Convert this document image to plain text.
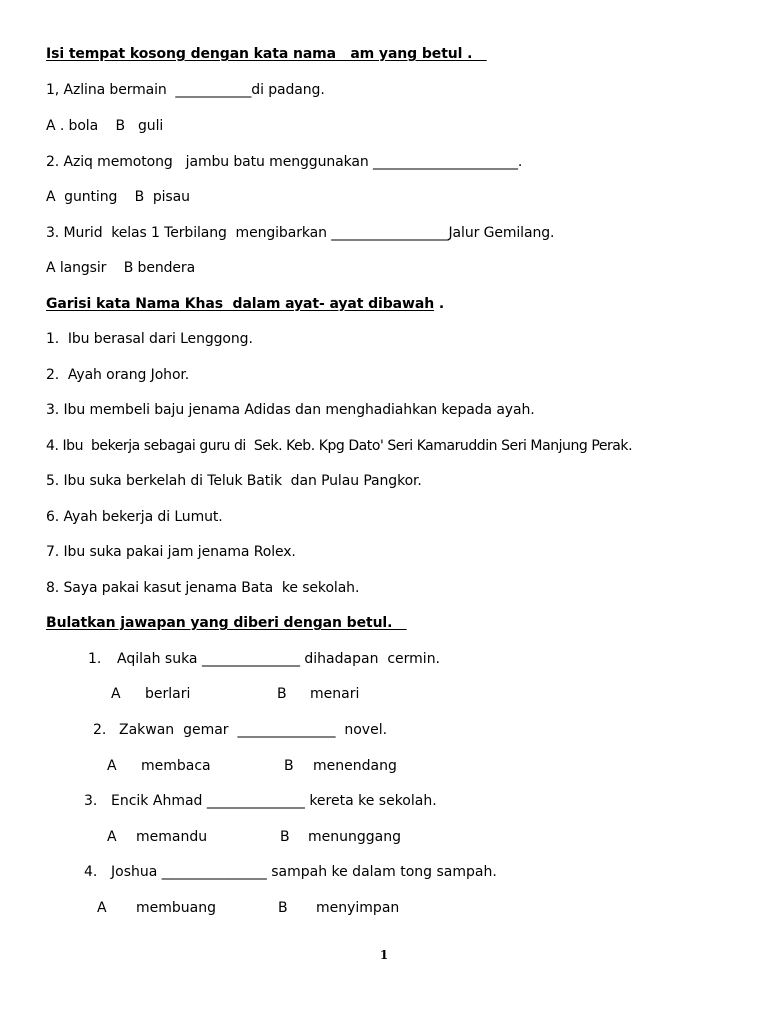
Isi tempat kosong dengan kata nama   am yang betul .
1, Azlina bermain  ___________di padang.
A . bola    B   guli
2. Aziq memotong   jambu batu menggunakan _____________________.
A  gunting    B  pisau
3. Murid  kelas 1 Terbilang  mengibarkan _________________Jalur Gemilang.
A langsir    B bendera
Garisi kata Nama Khas  dalam ayat- ayat dibawah .
1.  Ibu berasal dari Lenggong.
2.  Ayah orang Johor.
3. Ibu membeli baju jenama Adidas dan menghadiahkan kepada ayah.
4. Ibu  bekerja sebagai guru di  Sek. Keb. Kpg Dato' Seri Kamaruddin Seri Manjung Perak.
5. Ibu suka berkelah di Teluk Batik  dan Pulau Pangkor.
6. Ayah bekerja di Lumut.
7. Ibu suka pakai jam jenama Rolex.
8. Saya pakai kasut jenama Bata  ke sekolah.
Bulatkan jawapan yang diberi dengan betul.
1. Aqilah suka ______________ dihadapan  cermin.
A berlari	B menari
2. Zakwan  gemar  ______________  novel.
A membaca	B menendang
3. Encik Ahmad ______________ kereta ke sekolah.
A memandu	B menunggang
4. Joshua _______________ sampah ke dalam tong sampah.
A membuang	B menyimpan
1
